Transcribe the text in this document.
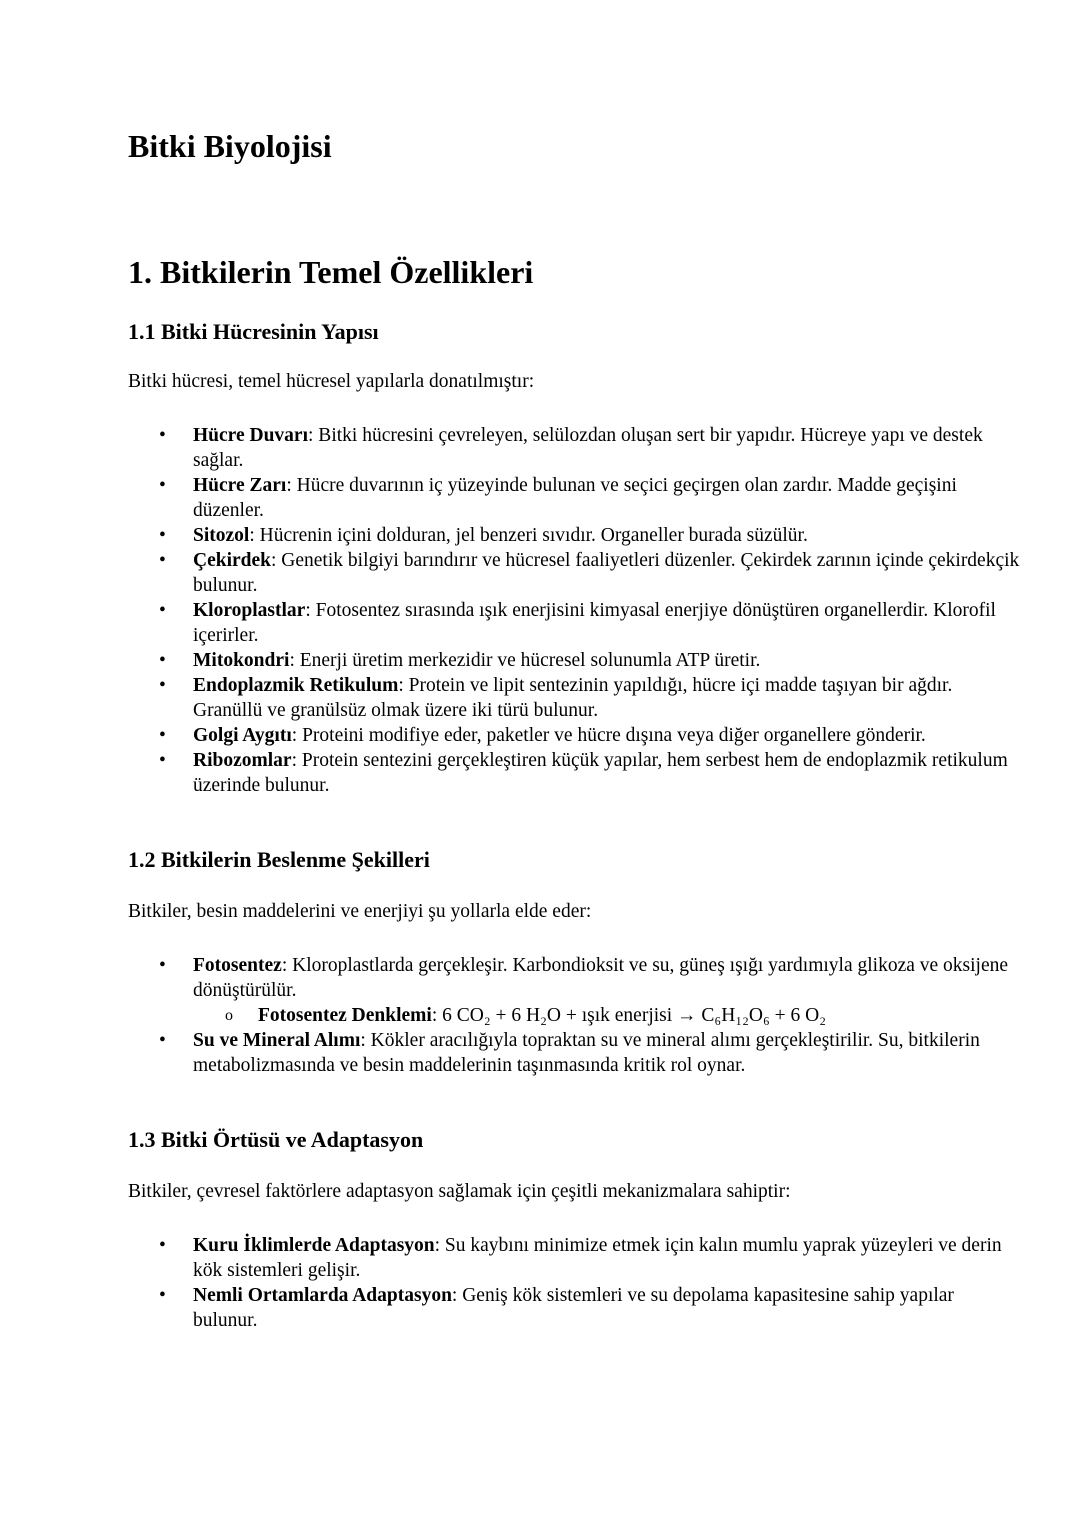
Bitki Biyolojisi
1. Bitkilerin Temel Özellikleri
1.1 Bitki Hücresinin Yapısı

Bitki hücresi, temel hücresel yapılarla donatılmıştır:

• Hücre Duvarı: Bitki hücresini çevreleyen, selülozdan oluşan sert bir yapıdır. Hücreye yapı ve destek sağlar.
• Hücre Zarı: Hücre duvarının iç yüzeyinde bulunan ve seçici geçirgen olan zardır. Madde geçişini düzenler.
• Sitozol: Hücrenin içini dolduran, jel benzeri sıvıdır. Organeller burada süzülür.
• Çekirdek: Genetik bilgiyi barındırır ve hücresel faaliyetleri düzenler. Çekirdek zarının içinde çekirdekçik bulunur.
• Kloroplastlar: Fotosentez sırasında ışık enerjisini kimyasal enerjiye dönüştüren organellerdir. Klorofil içerirler.
• Mitokondri: Enerji üretim merkezidir ve hücresel solunumla ATP üretir.
• Endoplazmik Retikulum: Protein ve lipit sentezinin yapıldığı, hücre içi madde taşıyan bir ağdır. Granüllü ve granülsüz olmak üzere iki türü bulunur.
• Golgi Aygıtı: Proteini modifiye eder, paketler ve hücre dışına veya diğer organellere gönderir.
• Ribozomlar: Protein sentezini gerçekleştiren küçük yapılar, hem serbest hem de endoplazmik retikulum üzerinde bulunur.
1.2 Bitkilerin Beslenme Şekilleri

Bitkiler, besin maddelerini ve enerjiyi şu yollarla elde eder:

• Fotosentez: Kloroplastlarda gerçekleşir. Karbondioksit ve su, güneş ışığı yardımıyla glikoza ve oksijene dönüştürülür.
o Fotosentez Denklemi: 6 CO₂ + 6 H₂O + ışık enerjisi → C₆H₁₂O₆ + 6 O₂
• Su ve Mineral Alımı: Kökler aracılığıyla topraktan su ve mineral alımı gerçekleştirilir. Su, bitkilerin metabolizmasında ve besin maddelerinin taşınmasında kritik rol oynar.
1.3 Bitki Örtüsü ve Adaptasyon

Bitkiler, çevresel faktörlere adaptasyon sağlamak için çeşitli mekanizmalara sahiptir:

• Kuru İklimlerde Adaptasyon: Su kaybını minimize etmek için kalın mumlu yaprak yüzeyleri ve derin kök sistemleri gelişir.
• Nemli Ortamlarda Adaptasyon: Geniş kök sistemleri ve su depolama kapasitesine sahip yapılar bulunur.
